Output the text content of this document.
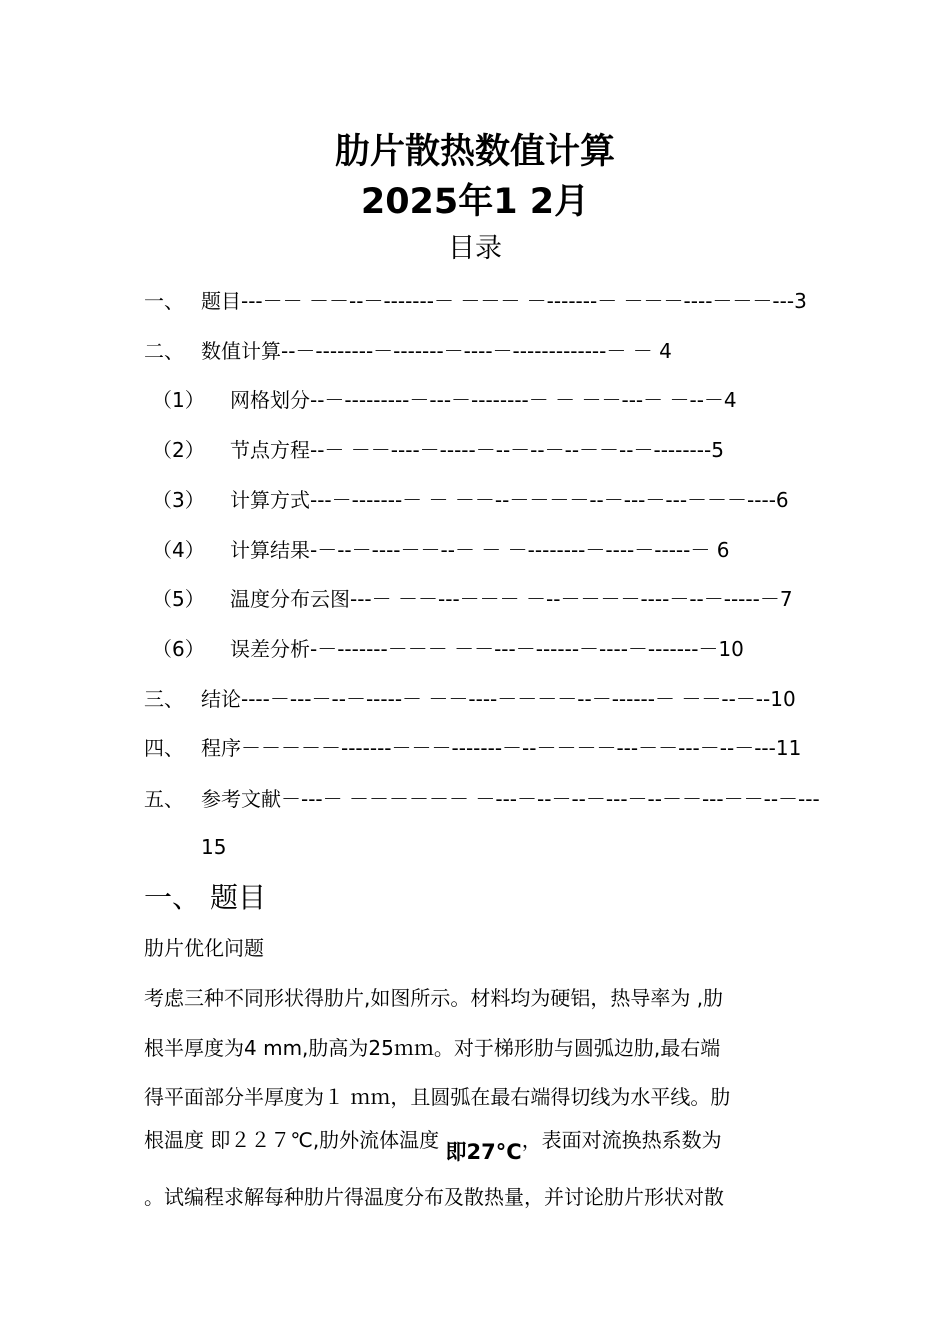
肋片散热数值计算
2025年1 2月
目录
一、 题目---－－ －－--－-------－ －－－ －-------－ －－－----－－－---3
二、 数值计算--－--------－-------－----－-------------－ － 4
（1） 网格划分--－---------－---－--------－ － －－---－ －--－4
（2） 节点方程--－ －－----－-----－--－--－--－－--－--------5
（3） 计算方式---－-------－ － －－--－－－－--－---－---－－－----6
（4） 计算结果-－--－----－－--－ － －--------－----－-----－ 6
（5） 温度分布云图---－ －－---－－－ －--－－－－----－--－-----－7
（6） 误差分析-－-------－－－ －－---－------－----－-------－10
三、 结论----－---－--－-----－ －－----－－－－--－------－ －－--－--10
四、 程序－－－－－-------－－－-------－--－－－－---－－---－--－---11
五、 参考文献－---－ －－－－－－ －---－--－--－---－--－－---－－--－---
15
一、 题目
肋片优化问题
考虑三种不同形状得肋片,如图所示。材料均为硬铝，热导率为 ,肋
根半厚度为4 mm,肋高为25ｍｍ。对于梯形肋与圆弧边肋,最右端
得平面部分半厚度为１ ｍｍ，且圆弧在最右端得切线为水平线。肋
根温度 即２２７℃,肋外流体温度 即27°C，表面对流换热系数为
。试编程求解每种肋片得温度分布及散热量，并讨论肋片形状对散
